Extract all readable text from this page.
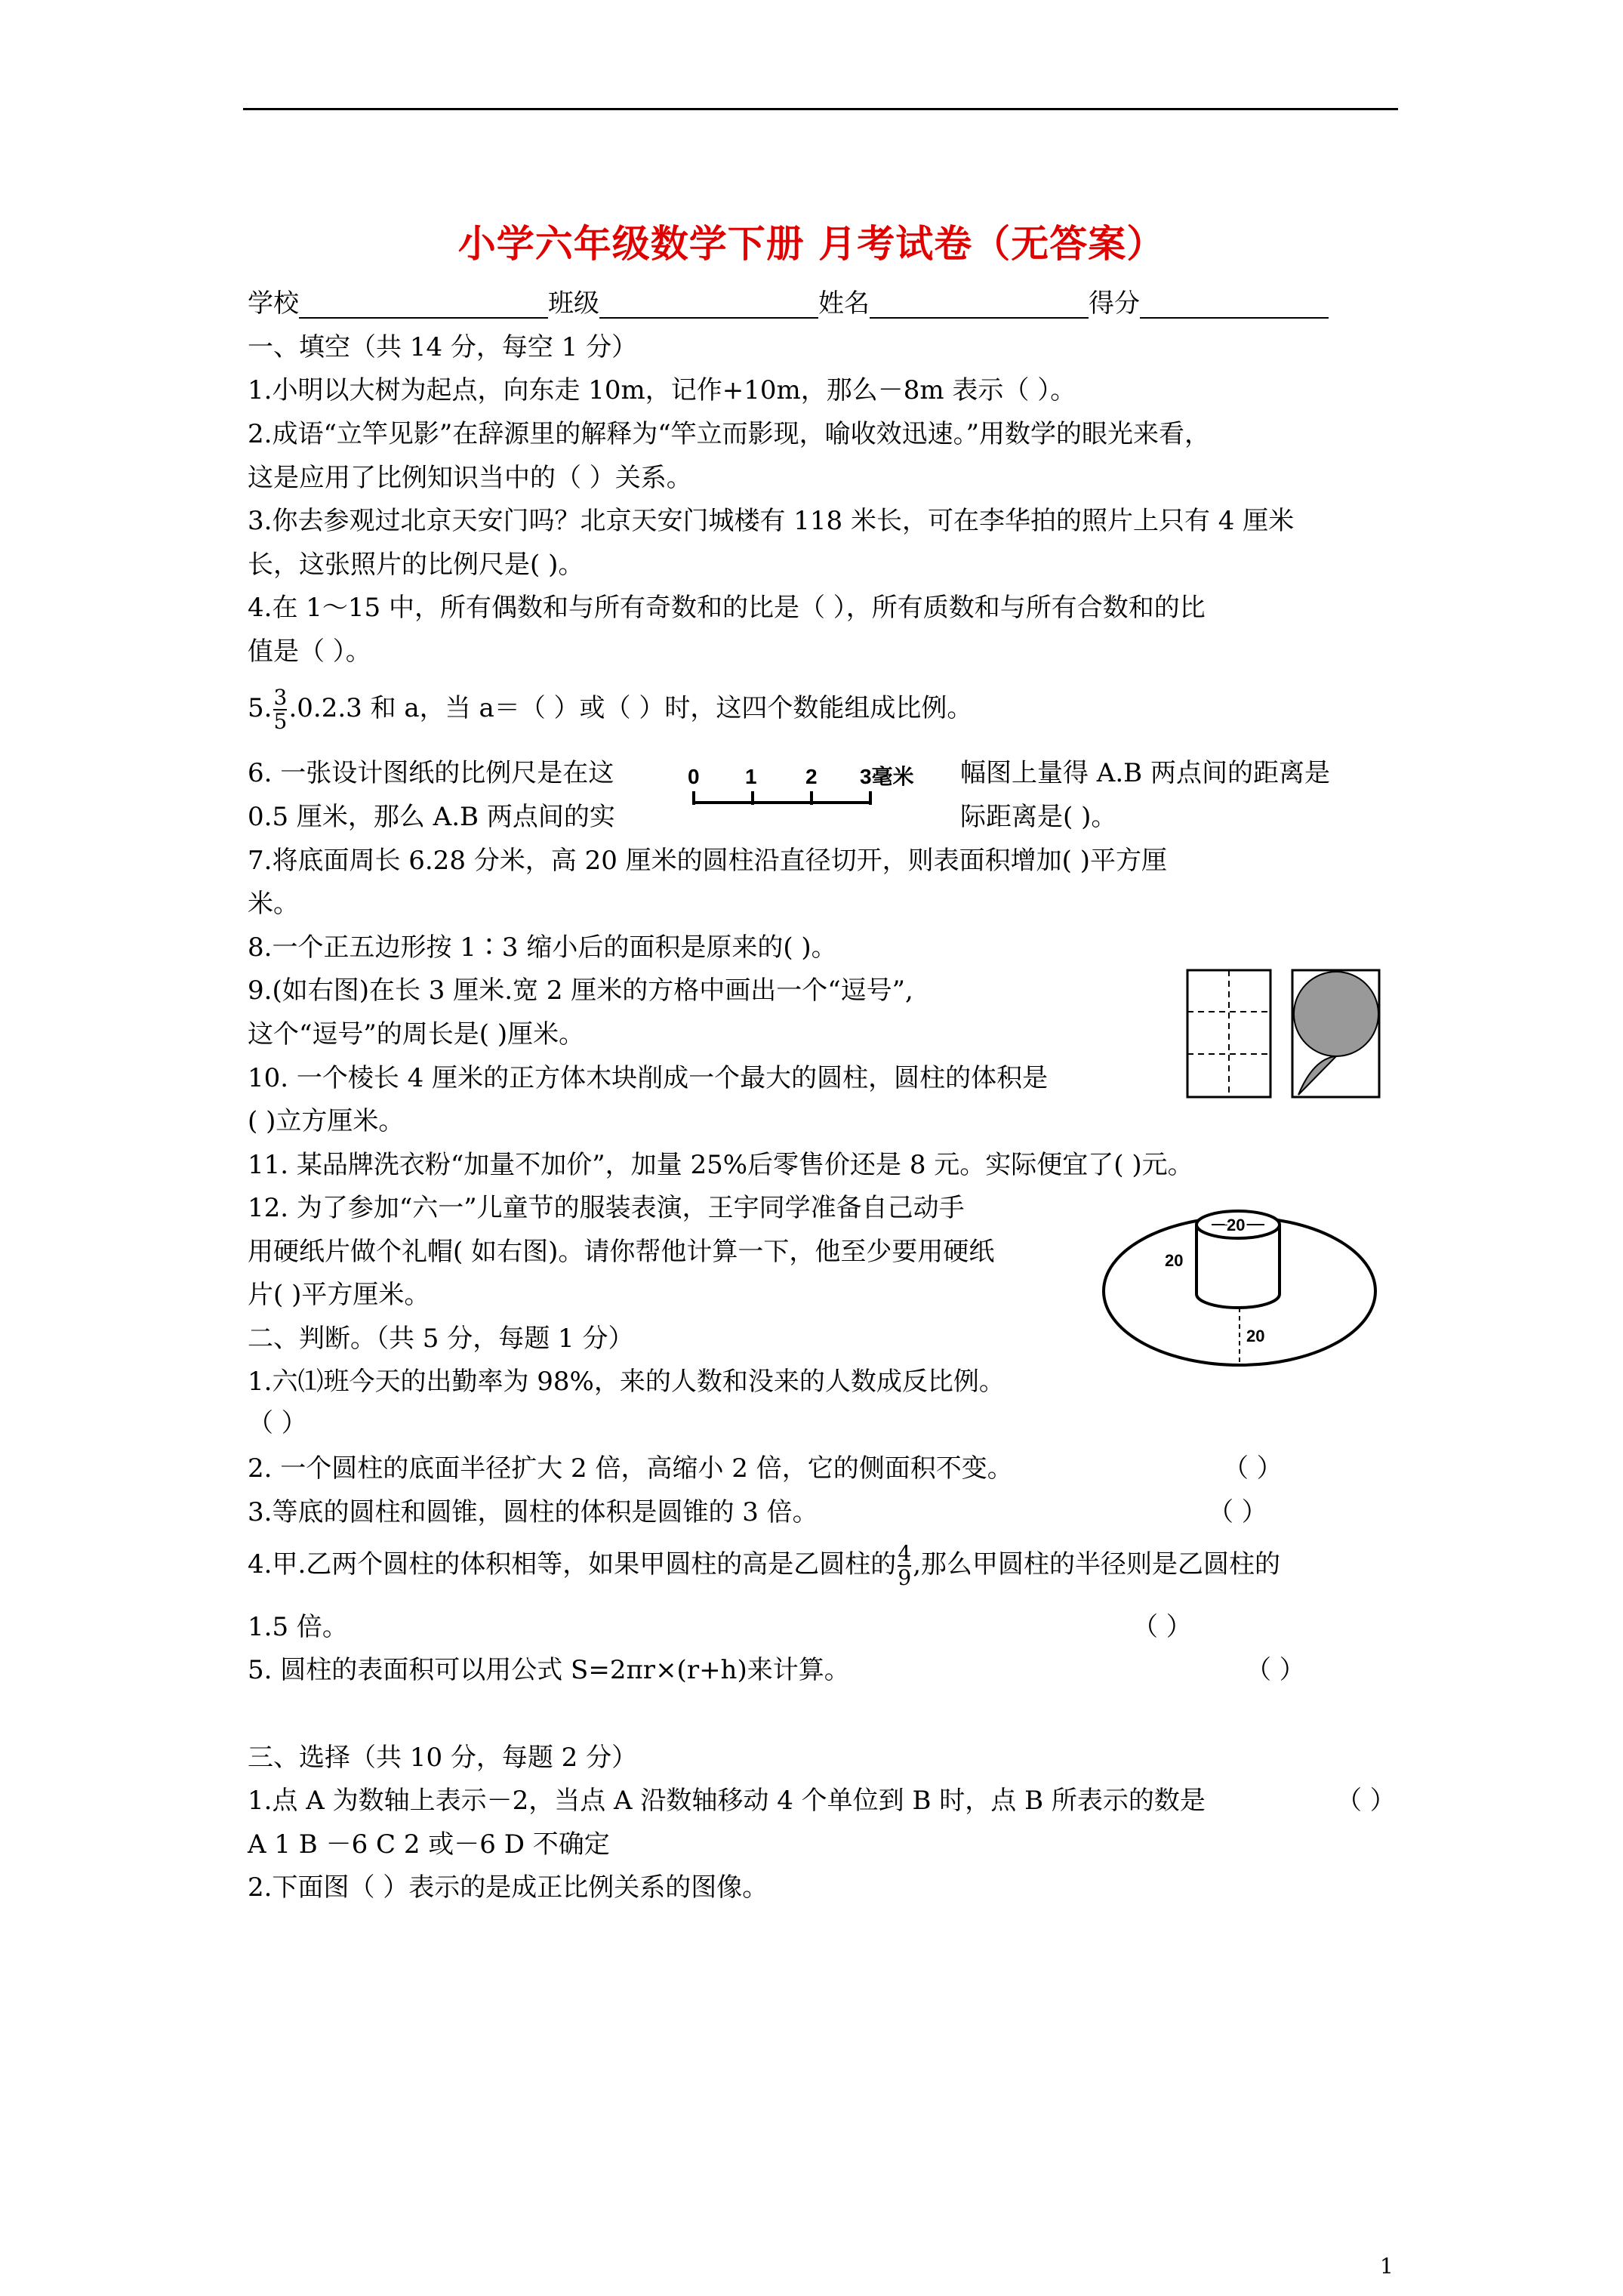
小学六年级数学下册 月考试卷（无答案）
学校	班级	姓名	得分
一、填空（共 14 分，每空 1 分）
1.小明以大树为起点，向东走 10m，记作+10m，那么－8m 表示（ ）。
2.成语“立竿见影”在辞源里的解释为“竿立而影现，喻收效迅速。”用数学的眼光来看，
这是应用了比例知识当中的（ ）关系。
3.你去参观过北京天安门吗？北京天安门城楼有 118 米长，可在李华拍的照片上只有 4 厘米
长，这张照片的比例尺是( )。
4.在 1～15 中，所有偶数和与所有奇数和的比是（ ），所有质数和与所有合数和的比
值是（ ）。
5. $\frac{3}{5} .0.2.3$ 和 a，当 a＝（ ）或（ ）时，这四个数能组成比例。
6. 一张设计图纸的比例尺是在这	幅图上量得 A.B 两点间的距离是
0.5 厘米，那么 A.B 两点间的实	际距离是( )。
0 1 2 3毫米
7.将底面周长 6.28 分米，高 20 厘米的圆柱沿直径切开，则表面积增加( )平方厘
米。
8.一个正五边形按 1∶3 缩小后的面积是原来的( )。
9.(如右图)在长 3 厘米.宽 2 厘米的方格中画出一个“逗号”,
这个“逗号”的周长是( )厘米。
10. 一个棱长 4 厘米的正方体木块削成一个最大的圆柱，圆柱的体积是
( )立方厘米。
11. 某品牌洗衣粉“加量不加价”，加量 25%后零售价还是 8 元。实际便宜了( )元。
12. 为了参加“六一”儿童节的服装表演，王宇同学准备自己动手
用硬纸片做个礼帽( 如右图)。请你帮他计算一下，他至少要用硬纸
片( )平方厘米。
20
20
20
二、判断。（共 5 分，每题 1 分）
1.六⑴班今天的出勤率为 98%，来的人数和没来的人数成反比例。
（ ）
2. 一个圆柱的底面半径扩大 2 倍，高缩小 2 倍，它的侧面积不变。	（ ）
3.等底的圆柱和圆锥，圆柱的体积是圆锥的 3 倍。	（ ）
4.甲.乙两个圆柱的体积相等，如果甲圆柱的高是乙圆柱的 $\frac{4}{9}$ ,那么甲圆柱的半径则是乙圆柱的
1.5 倍。	（ ）
5. 圆柱的表面积可以用公式 S=2πr×(r+h)来计算。	（ ）
三、选择（共 10 分，每题 2 分）
1.点 A 为数轴上表示－2，当点 A 沿数轴移动 4 个单位到 B 时，点 B 所表示的数是	（ ）
A 1 B －6 C 2 或－6 D 不确定
2.下面图（ ）表示的是成正比例关系的图像。
1
